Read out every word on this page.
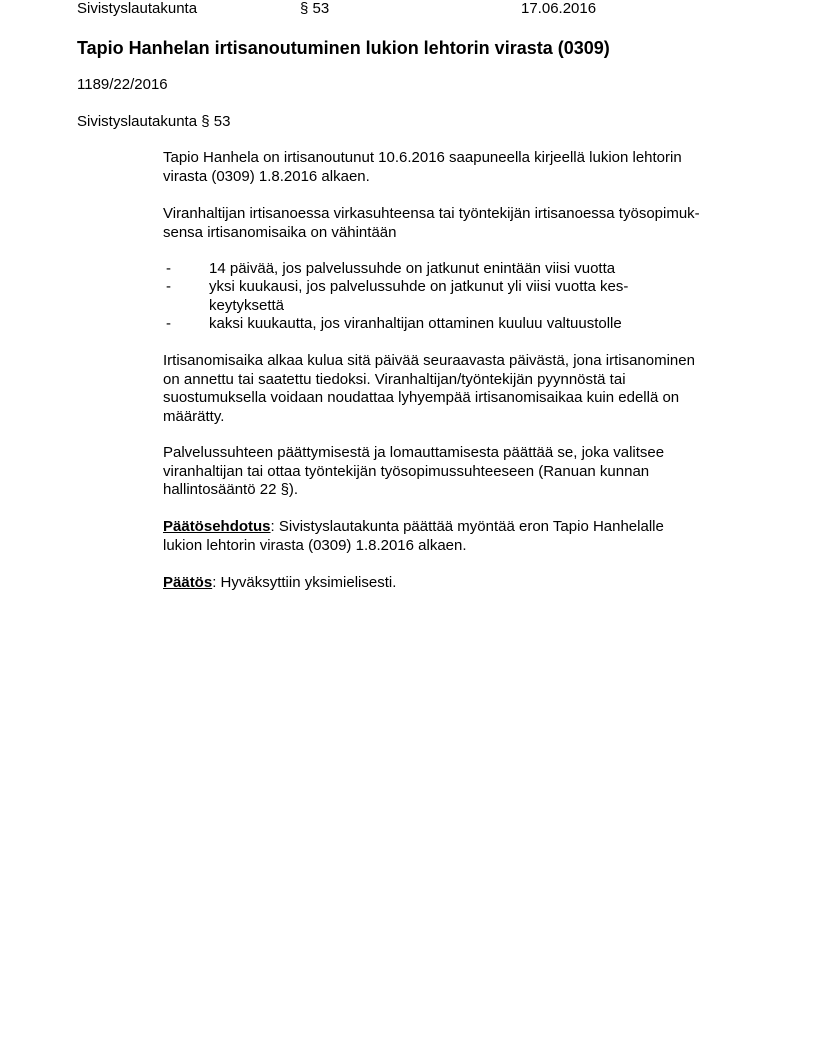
Sivistyslautakunta	§ 53	17.06.2016
Tapio Hanhelan irtisanoutuminen lukion lehtorin virasta (0309)
1189/22/2016
Sivistyslautakunta § 53
Tapio Hanhela on irtisanoutunut 10.6.2016 saapuneella kirjeellä lukion lehtorin
virasta (0309) 1.8.2016 alkaen.
Viranhaltijan irtisanoessa virkasuhteensa tai työntekijän irtisanoessa työsopimuk-
sensa irtisanomisaika on vähintään
-	14 päivää, jos palvelussuhde on jatkunut enintään viisi vuotta
-	yksi kuukausi, jos palvelussuhde on jatkunut yli viisi vuotta kes-
keytyksettä
-	kaksi kuukautta, jos viranhaltijan ottaminen kuuluu valtuustolle
Irtisanomisaika alkaa kulua sitä päivää seuraavasta päivästä, jona irtisanominen
on annettu tai saatettu tiedoksi. Viranhaltijan/työntekijän pyynnöstä tai
suostumuksella voidaan noudattaa lyhyempää irtisanomisaikaa kuin edellä on
määrätty.
Palvelussuhteen päättymisestä ja lomauttamisesta päättää se, joka valitsee
viranhaltijan tai ottaa työntekijän työsopimussuhteeseen (Ranuan kunnan
hallintosääntö 22 §).
Päätösehdotus: Sivistyslautakunta päättää myöntää eron Tapio Hanhelalle
lukion lehtorin virasta (0309) 1.8.2016 alkaen.
Päätös: Hyväksyttiin yksimielisesti.
